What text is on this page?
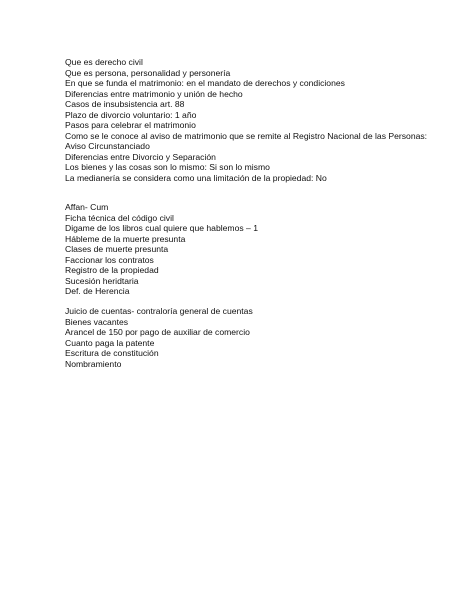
Que es derecho civil
Que es persona, personalidad y personería
En que se funda el matrimonio: en el mandato de derechos y condiciones
Diferencias entre matrimonio y unión de hecho
Casos de insubsistencia art. 88
Plazo de divorcio voluntario: 1 año
Pasos para celebrar el matrimonio
Como se le conoce al aviso de matrimonio que se remite al Registro Nacional de las Personas:
Aviso Circunstanciado
Diferencias entre Divorcio y Separación
Los bienes y las cosas son lo mismo: Si son lo mismo
La medianería se considera como una limitación de la propiedad: No
Affan- Cum
Ficha técnica del código civil
Digame de los libros cual quiere que hablemos – 1
Hábleme de la muerte presunta
Clases de muerte presunta
Faccionar los contratos
Registro de la propiedad
Sucesión heridtaria
Def. de Herencia
Juicio de cuentas- contraloría general de cuentas
Bienes vacantes
Arancel de 150 por pago de auxiliar de comercio
Cuanto paga la patente
Escritura de constitución
Nombramiento
